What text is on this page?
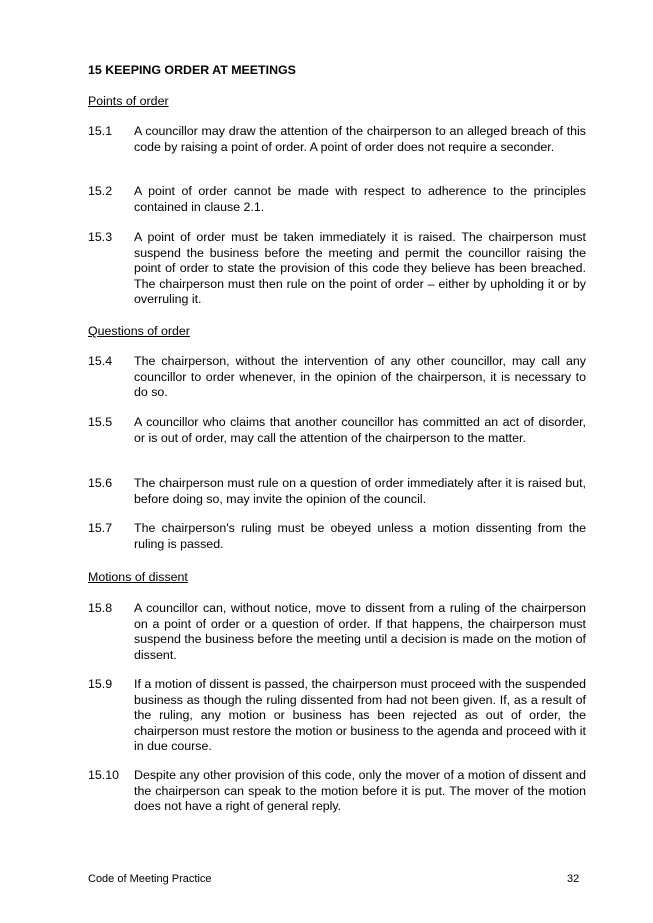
15 KEEPING ORDER AT MEETINGS
Points of order
15.1	A councillor may draw the attention of the chairperson to an alleged breach of this code by raising a point of order. A point of order does not require a seconder.

15.2	A point of order cannot be made with respect to adherence to the principles contained in clause 2.1.

15.3	A point of order must be taken immediately it is raised. The chairperson must suspend the business before the meeting and permit the councillor raising the point of order to state the provision of this code they believe has been breached. The chairperson must then rule on the point of order – either by upholding it or by overruling it.

Questions of order
15.4	The chairperson, without the intervention of any other councillor, may call any councillor to order whenever, in the opinion of the chairperson, it is necessary to do so.

15.5	A councillor who claims that another councillor has committed an act of disorder, or is out of order, may call the attention of the chairperson to the matter.

15.6	The chairperson must rule on a question of order immediately after it is raised but, before doing so, may invite the opinion of the council.

15.7	The chairperson's ruling must be obeyed unless a motion dissenting from the ruling is passed.

Motions of dissent
15.8	A councillor can, without notice, move to dissent from a ruling of the chairperson on a point of order or a question of order. If that happens, the chairperson must suspend the business before the meeting until a decision is made on the motion of dissent.

15.9	If a motion of dissent is passed, the chairperson must proceed with the suspended business as though the ruling dissented from had not been given. If, as a result of the ruling, any motion or business has been rejected as out of order, the chairperson must restore the motion or business to the agenda and proceed with it in due course.

15.10	Despite any other provision of this code, only the mover of a motion of dissent and the chairperson can speak to the motion before it is put. The mover of the motion does not have a right of general reply.

Code of Meeting Practice	32
